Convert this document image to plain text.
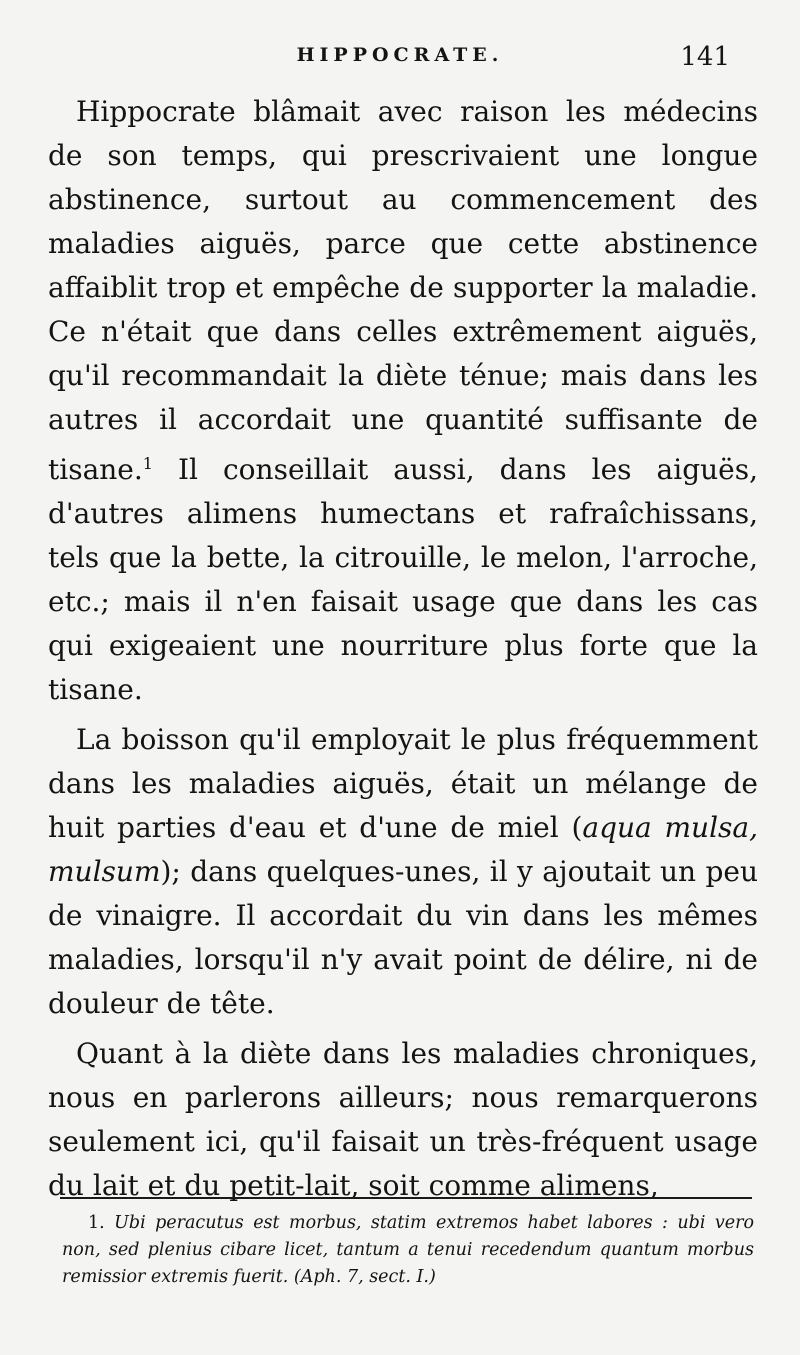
HIPPOCRATE.	141

Hippocrate blâmait avec raison les médecins de son temps, qui prescrivaient une longue abstinence, surtout au commencement des maladies aiguës, parce que cette abstinence affaiblit trop et empêche de supporter la maladie. Ce n'était que dans celles extrêmement aiguës, qu'il recommandait la diète ténue; mais dans les autres il accordait une quantité suffisante de tisane.$^1$ Il conseillait aussi, dans les aiguës, d'autres alimens humectans et rafraîchissans, tels que la bette, la citrouille, le melon, l'arroche, etc.; mais il n'en faisait usage que dans les cas qui exigeaient une nourriture plus forte que la tisane.

La boisson qu'il employait le plus fréquemment dans les maladies aiguës, était un mélange de huit parties d'eau et d'une de miel (aqua mulsa, mulsum); dans quelques-unes, il y ajoutait un peu de vinaigre. Il accordait du vin dans les mêmes maladies, lorsqu'il n'y avait point de délire, ni de douleur de tête.

Quant à la diète dans les maladies chroniques, nous en parlerons ailleurs; nous remarquerons seulement ici, qu'il faisait un très-fréquent usage du lait et du petit-lait, soit comme alimens,

1. Ubi peracutus est morbus, statim extremos habet labores : ubi vero non, sed plenius cibare licet, tantum a tenui recedendum quantum morbus remissior extremis fuerit. (Aph. 7, sect. I.)
